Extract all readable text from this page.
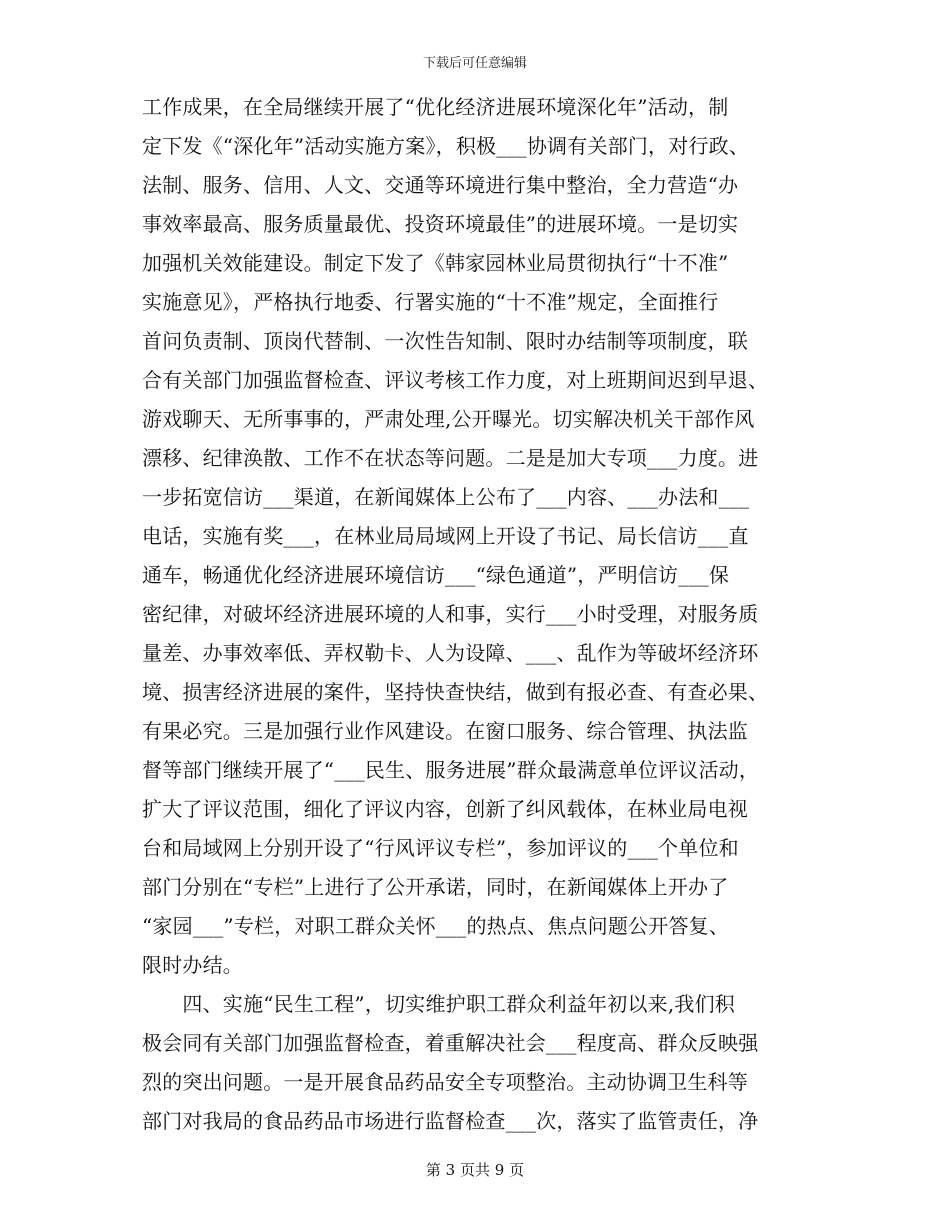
下载后可任意编辑
工作成果，在全局继续开展了“优化经济进展环境深化年”活动，制
定下发《“深化年”活动实施方案》，积极___协调有关部门，对行政、
法制、服务、信用、人文、交通等环境进行集中整治，全力营造“办
事效率最高、服务质量最优、投资环境最佳”的进展环境。一是切实
加强机关效能建设。制定下发了《韩家园林业局贯彻执行“十不准”
实施意见》，严格执行地委、行署实施的“十不准”规定，全面推行
首问负责制、顶岗代替制、一次性告知制、限时办结制等项制度，联
合有关部门加强监督检查、评议考核工作力度，对上班期间迟到早退、
游戏聊天、无所事事的，严肃处理,公开曝光。切实解决机关干部作风
漂移、纪律涣散、工作不在状态等问题。二是是加大专项___力度。进
一步拓宽信访___渠道，在新闻媒体上公布了___内容、___办法和___
电话，实施有奖___，在林业局局域网上开设了书记、局长信访___直
通车，畅通优化经济进展环境信访___“绿色通道”，严明信访___保
密纪律，对破坏经济进展环境的人和事，实行___小时受理，对服务质
量差、办事效率低、弄权勒卡、人为设障、___、乱作为等破坏经济环
境、损害经济进展的案件，坚持快查快结，做到有报必查、有查必果、
有果必究。三是加强行业作风建设。在窗口服务、综合管理、执法监
督等部门继续开展了“___民生、服务进展”群众最满意单位评议活动，
扩大了评议范围，细化了评议内容，创新了纠风载体，在林业局电视
台和局域网上分别开设了“行风评议专栏”，参加评议的___个单位和
部门分别在“专栏”上进行了公开承诺，同时，在新闻媒体上开办了
“家园___”专栏，对职工群众关怀___的热点、焦点问题公开答复、
限时办结。
　　四、实施“民生工程”，切实维护职工群众利益年初以来,我们积
极会同有关部门加强监督检查，着重解决社会___程度高、群众反映强
烈的突出问题。一是开展食品药品安全专项整治。主动协调卫生科等
部门对我局的食品药品市场进行监督检查___次，落实了监管责任，净
第 3 页共 9 页
